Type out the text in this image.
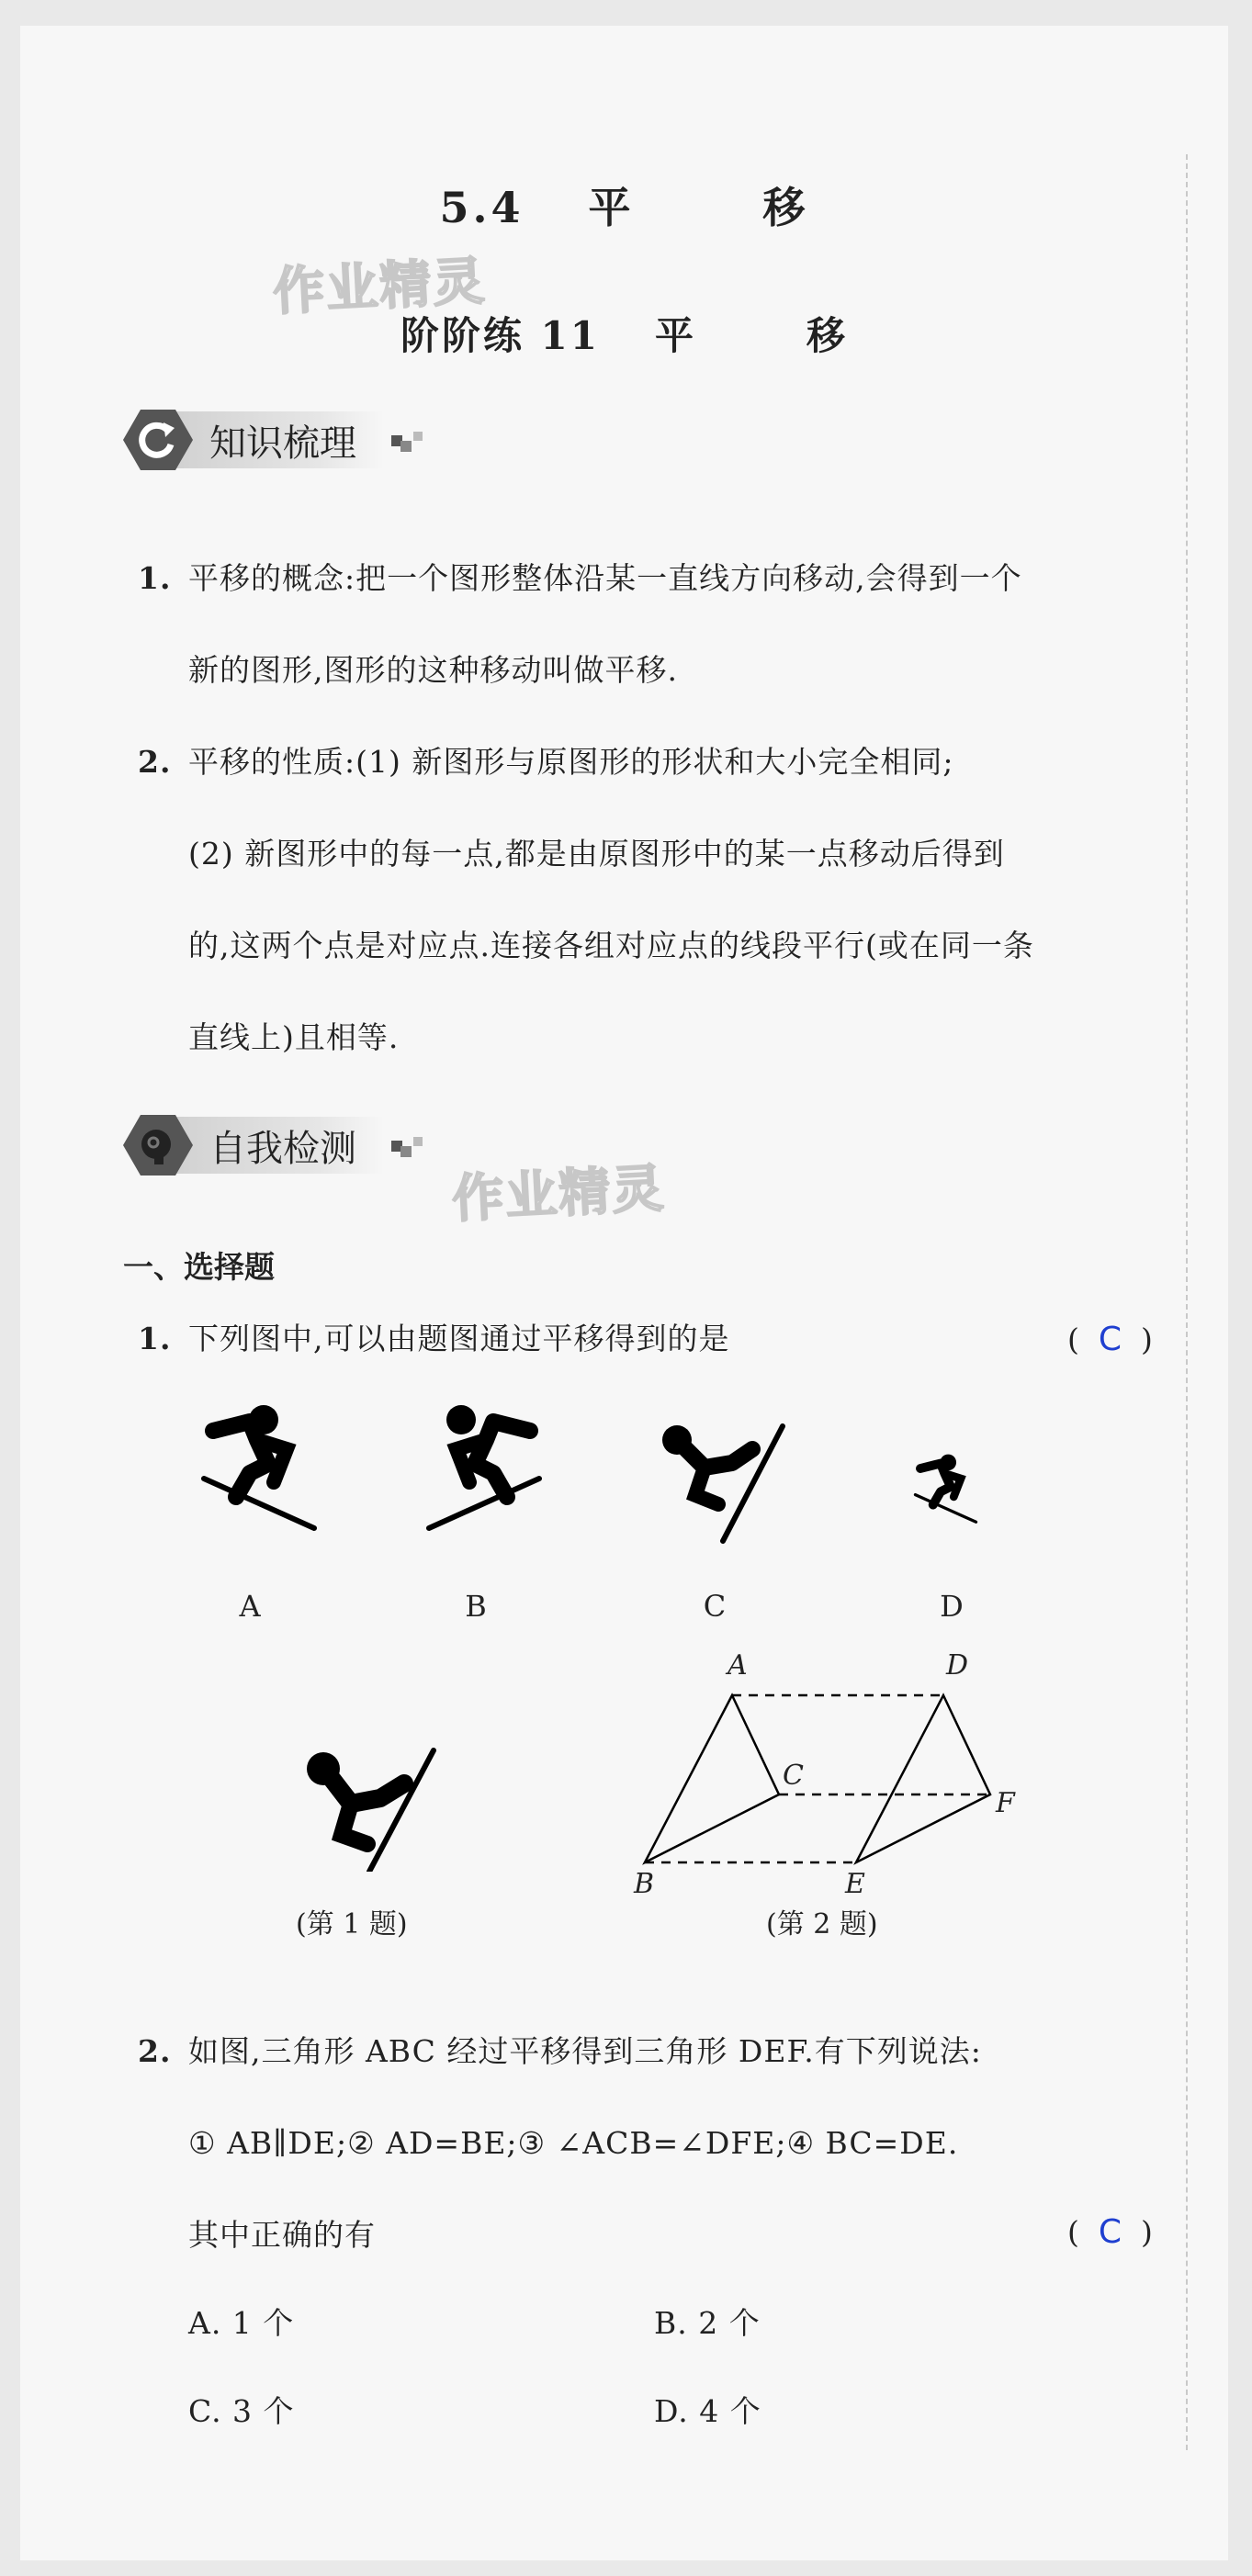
5.4 平	移
作业精灵
阶阶练 11 平	移
知识梳理
1. 平移的概念:把一个图形整体沿某一直线方向移动,会得到一个
新的图形,图形的这种移动叫做平移.
2. 平移的性质:(1) 新图形与原图形的形状和大小完全相同;
(2) 新图形中的每一点,都是由原图形中的某一点移动后得到
的,这两个点是对应点.连接各组对应点的线段平行(或在同一条
直线上)且相等.
自我检测
作业精灵
一、选择题
1. 下列图中,可以由题图通过平移得到的是	(  C  )
A	B	C	D
(第 1 题)
A
B
C
D
E
F
(第 2 题)
2. 如图,三角形 ABC 经过平移得到三角形 DEF.有下列说法:
① AB∥DE;② AD=BE;③ ∠ACB=∠DFE;④ BC=DE.
其中正确的有	(  C  )
A. 1 个	B. 2 个
C. 3 个	D. 4 个
